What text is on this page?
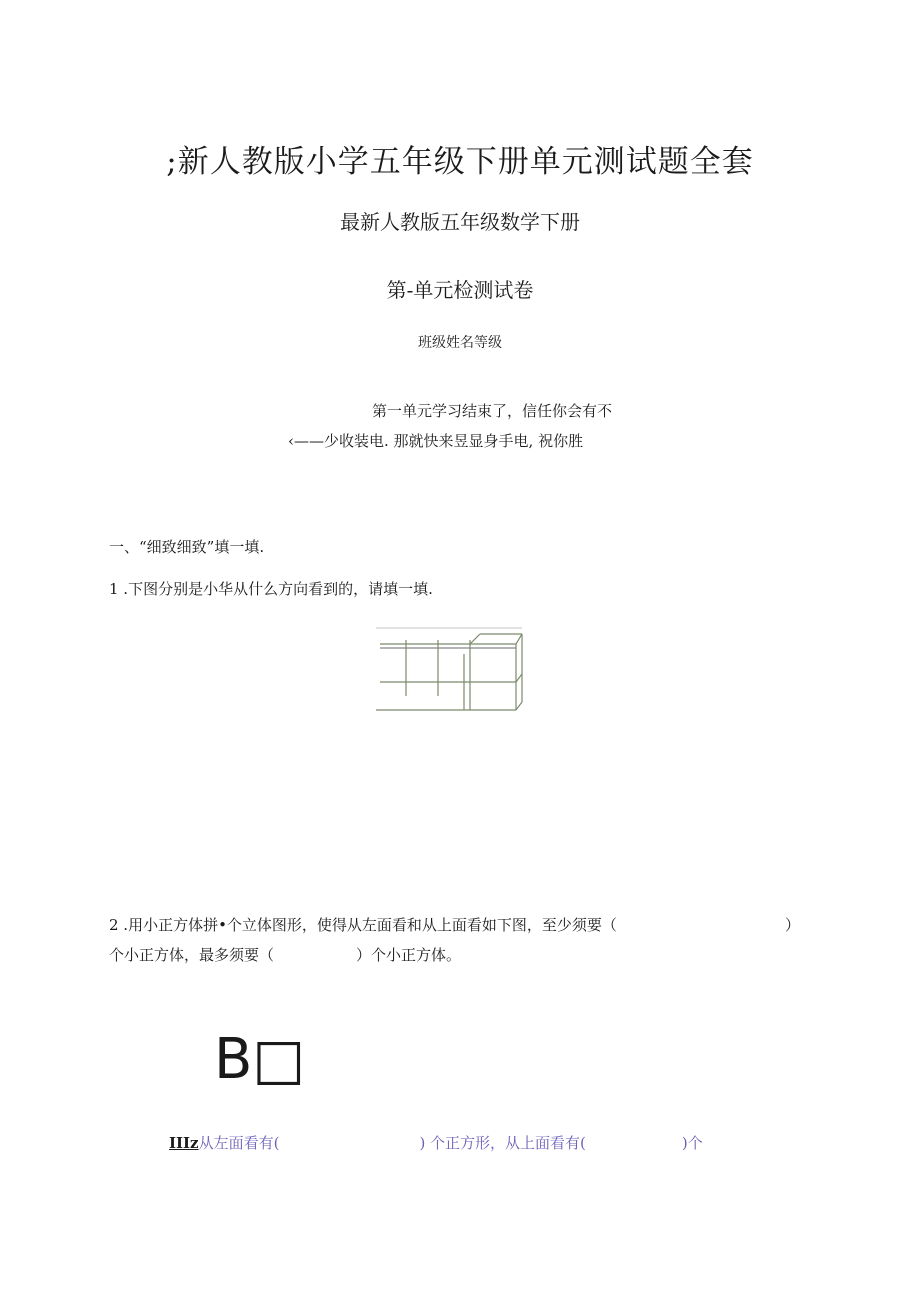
;新人教版小学五年级下册单元测试题全套
最新人教版五年级数学下册
第-单元检测试卷
班级姓名等级
第一单元学习结束了，信任你会有不
‹——少收装电. 那就快来昱显身手电, 祝你胜
一、“细致细致”填一填.
1 .下图分别是小华从什么方向看到的，请填一填.
2 .用小正方体拼•个立体图形，使得从左面看和从上面看如下图，至少须要（	）
个小正方体，最多须要（	）个小正方体。
B□
IIIz从左面看有(	) 个正方形，从上面看有(	)个
